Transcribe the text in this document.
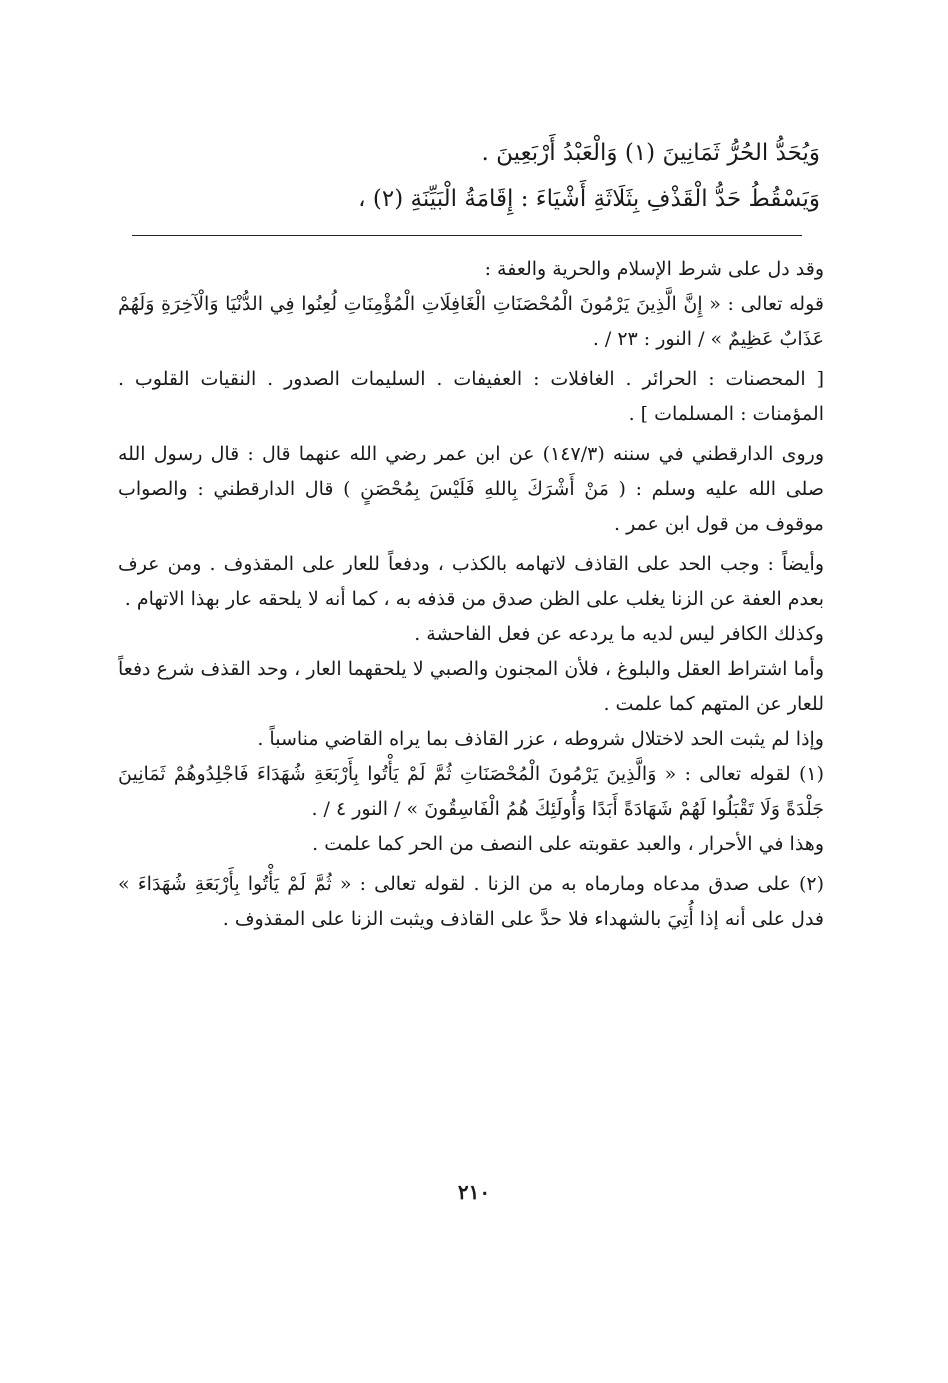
وَيُحَدُّ الحُرُّ ثَمَانِينَ (١) وَالْعَبْدُ أَرْبَعِينَ .
وَيَسْقُطُ حَدُّ الْقَذْفِ بِثَلَاثَةِ أَشْيَاءَ : إِقَامَةُ الْبَيِّنَةِ (٢) ،

وقد دل على شرط الإسلام والحرية والعفة :

قوله تعالى : « إِنَّ الَّذِينَ يَرْمُونَ الْمُحْصَنَاتِ الْغَافِلَاتِ الْمُؤْمِنَاتِ لُعِنُوا فِي الدُّنْيَا وَالْآخِرَةِ وَلَهُمْ عَذَابٌ عَظِيمٌ » / النور : ٢٣ / .

[ المحصنات : الحرائر . الغافلات : العفيفات . السليمات الصدور . النقيات القلوب . المؤمنات : المسلمات ] .

وروى الدارقطني في سننه (١٤٧/٣) عن ابن عمر رضي الله عنهما قال : قال رسول الله صلى الله عليه وسلم : ( مَنْ أَشْرَكَ بِاللهِ فَلَيْسَ بِمُحْصَنٍ ) قال الدارقطني : والصواب موقوف من قول ابن عمر .

وأيضاً : وجب الحد على القاذف لاتهامه بالكذب ، ودفعاً للعار على المقذوف . ومن عرف بعدم العفة عن الزنا يغلب على الظن صدق من قذفه به ، كما أنه لا يلحقه عار بهذا الاتهام .

وكذلك الكافر ليس لديه ما يردعه عن فعل الفاحشة .

وأما اشتراط العقل والبلوغ ، فلأن المجنون والصبي لا يلحقهما العار ، وحد القذف شرع دفعاً للعار عن المتهم كما علمت .

وإذا لم يثبت الحد لاختلال شروطه ، عزر القاذف بما يراه القاضي مناسباً .

(١) لقوله تعالى : « وَالَّذِينَ يَرْمُونَ الْمُحْصَنَاتِ ثُمَّ لَمْ يَأْتُوا بِأَرْبَعَةِ شُهَدَاءَ فَاجْلِدُوهُمْ ثَمَانِينَ جَلْدَةً وَلَا تَقْبَلُوا لَهُمْ شَهَادَةً أَبَدًا وَأُولَئِكَ هُمُ الْفَاسِقُونَ » / النور ٤ / .

وهذا في الأحرار ، والعبد عقوبته على النصف من الحر كما علمت .

(٢) على صدق مدعاه ومارماه به من الزنا . لقوله تعالى : « ثُمَّ لَمْ يَأْتُوا بِأَرْبَعَةِ شُهَدَاءَ » فدل على أنه إذا أُتِيَ بالشهداء فلا حدَّ على القاذف ويثبت الزنا على المقذوف .

٢١٠
